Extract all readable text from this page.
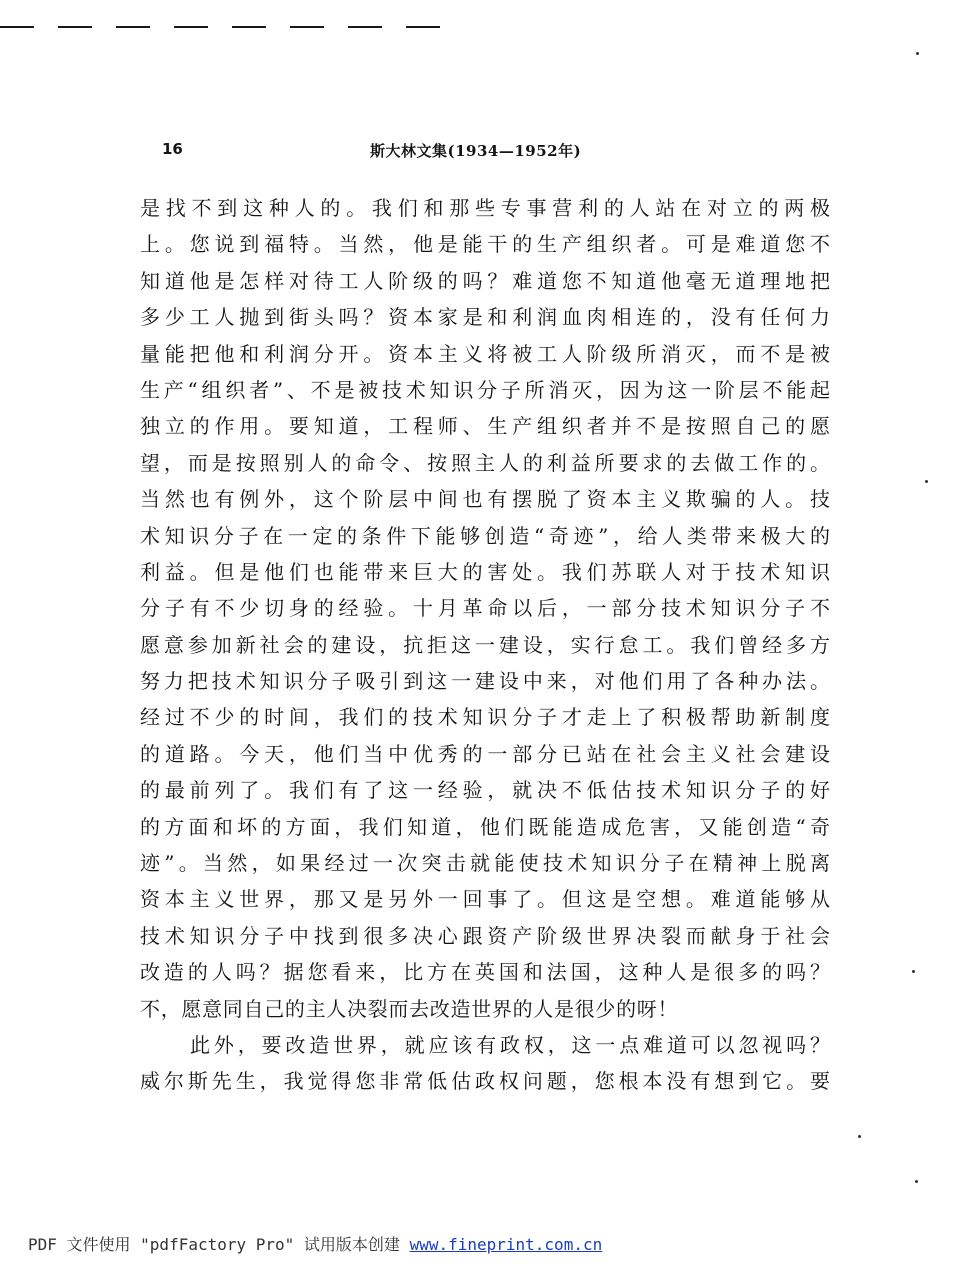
16	斯大林文集(1934—1952年)
是找不到这种人的。我们和那些专事营利的人站在对立的两极
上。您说到福特。当然，他是能干的生产组织者。可是难道您不
知道他是怎样对待工人阶级的吗？难道您不知道他毫无道理地把
多少工人抛到街头吗？资本家是和利润血肉相连的，没有任何力
量能把他和利润分开。资本主义将被工人阶级所消灭，而不是被
生产“组织者”、不是被技术知识分子所消灭，因为这一阶层不能起
独立的作用。要知道，工程师、生产组织者并不是按照自己的愿
望，而是按照别人的命令、按照主人的利益所要求的去做工作的。
当然也有例外，这个阶层中间也有摆脱了资本主义欺骗的人。技
术知识分子在一定的条件下能够创造“奇迹”，给人类带来极大的
利益。但是他们也能带来巨大的害处。我们苏联人对于技术知识
分子有不少切身的经验。十月革命以后，一部分技术知识分子不
愿意参加新社会的建设，抗拒这一建设，实行怠工。我们曾经多方
努力把技术知识分子吸引到这一建设中来，对他们用了各种办法。
经过不少的时间，我们的技术知识分子才走上了积极帮助新制度
的道路。今天，他们当中优秀的一部分已站在社会主义社会建设
的最前列了。我们有了这一经验，就决不低估技术知识分子的好
的方面和坏的方面，我们知道，他们既能造成危害，又能创造“奇
迹”。当然，如果经过一次突击就能使技术知识分子在精神上脱离
资本主义世界，那又是另外一回事了。但这是空想。难道能够从
技术知识分子中找到很多决心跟资产阶级世界决裂而献身于社会
改造的人吗？据您看来，比方在英国和法国，这种人是很多的吗？
不，愿意同自己的主人决裂而去改造世界的人是很少的呀！
此外，要改造世界，就应该有政权，这一点难道可以忽视吗？
威尔斯先生，我觉得您非常低估政权问题，您根本没有想到它。要
PDF 文件使用 "pdfFactory Pro" 试用版本创建 www.fineprint.com.cn
